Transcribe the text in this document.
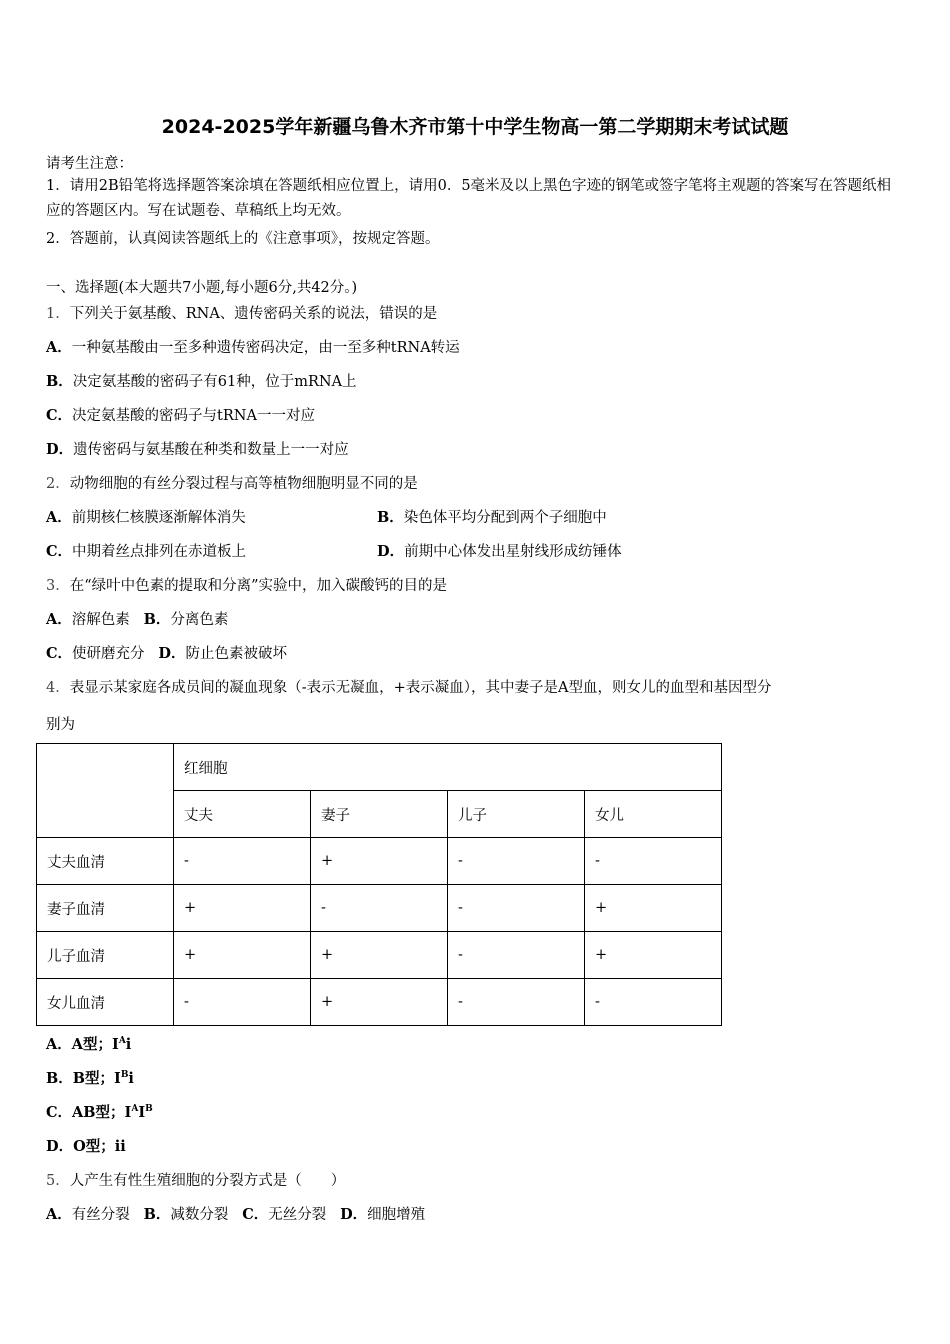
2024-2025学年新疆乌鲁木齐市第十中学生物高一第二学期期末考试试题
请考生注意：
1．请用2B铅笔将选择题答案涂填在答题纸相应位置上，请用0．5毫米及以上黑色字迹的钢笔或签字笔将主观题的答案写在答题纸相应的答题区内。写在试题卷、草稿纸上均无效。
2．答题前，认真阅读答题纸上的《注意事项》，按规定答题。
一、选择题(本大题共7小题,每小题6分,共42分。)
1．下列关于氨基酸、RNA、遗传密码关系的说法，错误的是
A．一种氨基酸由一至多种遗传密码决定，由一至多种tRNA转运
B．决定氨基酸的密码子有61种，位于mRNA上
C．决定氨基酸的密码子与tRNA一一对应
D．遗传密码与氨基酸在种类和数量上一一对应
2．动物细胞的有丝分裂过程与高等植物细胞明显不同的是
A．前期核仁核膜逐渐解体消失	B．染色体平均分配到两个子细胞中
C．中期着丝点排列在赤道板上	D．前期中心体发出星射线形成纺锤体
3．在“绿叶中色素的提取和分离”实验中，加入碳酸钙的目的是
A．溶解色素 B．分离色素
C．使研磨充分 D．防止色素被破坏
4．表显示某家庭各成员间的凝血现象（-表示无凝血，+表示凝血），其中妻子是A型血，则女儿的血型和基因型分
别为
	红细胞			
	丈夫	妻子	儿子	女儿
丈夫血清	-	+	-	-
妻子血清	+	-	-	+
儿子血清	+	+	-	+
女儿血清	-	+	-	-
A．A型；$I^Ai$
B．B型；$I^Bi$
C．AB型；$I^AI^B$
D．O型；ii
5．人产生有性生殖细胞的分裂方式是（　　）
A．有丝分裂 B．减数分裂 C．无丝分裂 D．细胞增殖
